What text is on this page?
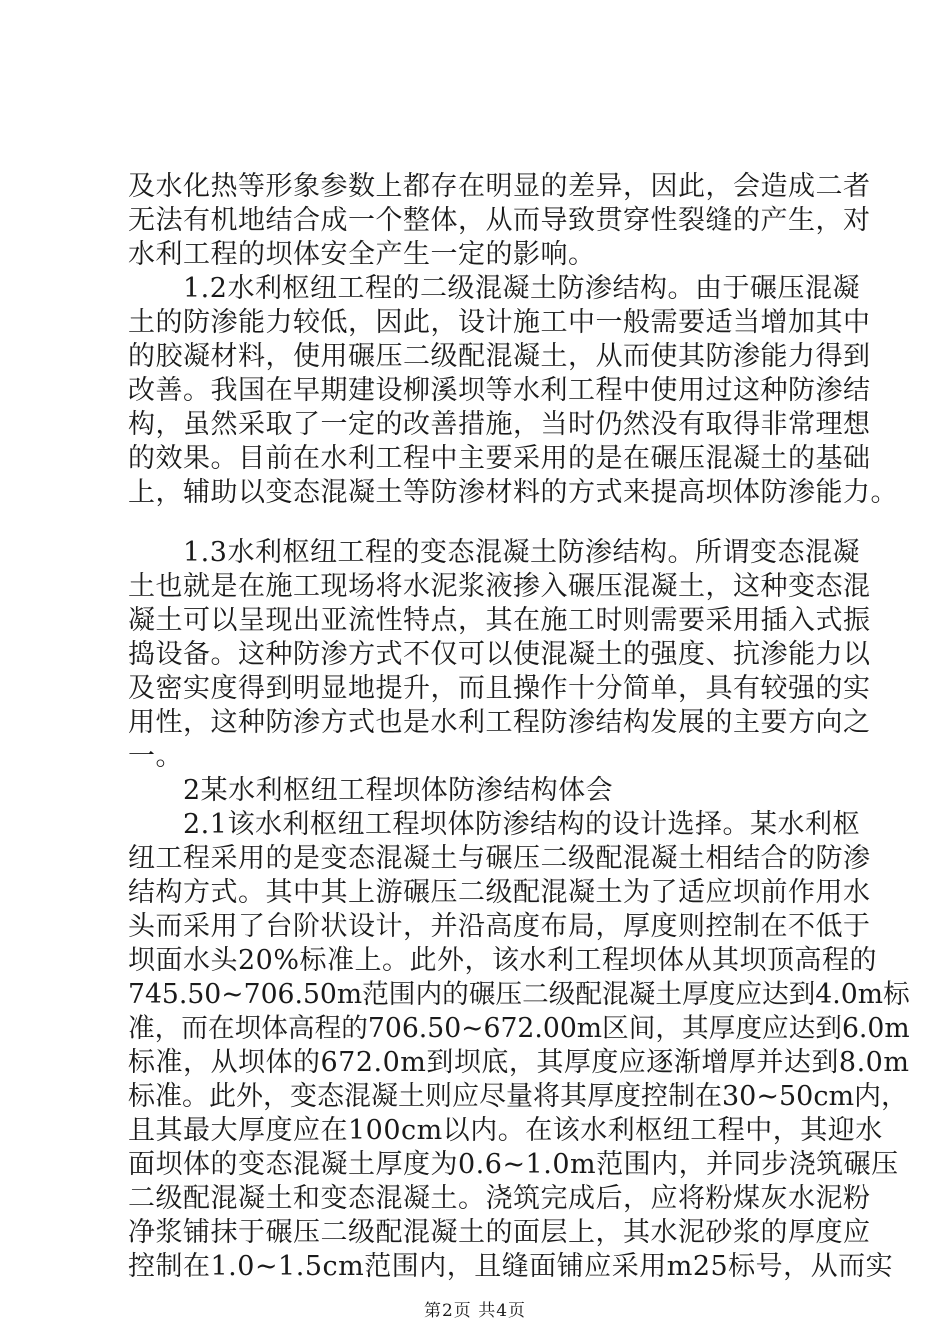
及水化热等形象参数上都存在明显的差异，因此，会造成二者
无法有机地结合成一个整体，从而导致贯穿性裂缝的产生，对
水利工程的坝体安全产生一定的影响。
　　1.2水利枢纽工程的二级混凝土防渗结构。由于碾压混凝
土的防渗能力较低，因此，设计施工中一般需要适当增加其中
的胶凝材料，使用碾压二级配混凝土，从而使其防渗能力得到
改善。我国在早期建设柳溪坝等水利工程中使用过这种防渗结
构，虽然采取了一定的改善措施，当时仍然没有取得非常理想
的效果。目前在水利工程中主要采用的是在碾压混凝土的基础
上，辅助以变态混凝土等防渗材料的方式来提高坝体防渗能力。
　　1.3水利枢纽工程的变态混凝土防渗结构。所谓变态混凝
土也就是在施工现场将水泥浆液掺入碾压混凝土，这种变态混
凝土可以呈现出亚流性特点，其在施工时则需要采用插入式振
捣设备。这种防渗方式不仅可以使混凝土的强度、抗渗能力以
及密实度得到明显地提升，而且操作十分简单，具有较强的实
用性，这种防渗方式也是水利工程防渗结构发展的主要方向之
一。
　　2某水利枢纽工程坝体防渗结构体会
　　2.1该水利枢纽工程坝体防渗结构的设计选择。某水利枢
纽工程采用的是变态混凝土与碾压二级配混凝土相结合的防渗
结构方式。其中其上游碾压二级配混凝土为了适应坝前作用水
头而采用了台阶状设计，并沿高度布局，厚度则控制在不低于
坝面水头20%标准上。此外，该水利工程坝体从其坝顶高程的
745.50~706.50m范围内的碾压二级配混凝土厚度应达到4.0m标
准，而在坝体高程的706.50~672.00m区间，其厚度应达到6.0m
标准，从坝体的672.0m到坝底，其厚度应逐渐增厚并达到8.0m
标准。此外，变态混凝土则应尽量将其厚度控制在30~50cm内，
且其最大厚度应在100cm以内。在该水利枢纽工程中，其迎水
面坝体的变态混凝土厚度为0.6~1.0m范围内，并同步浇筑碾压
二级配混凝土和变态混凝土。浇筑完成后，应将粉煤灰水泥粉
净浆铺抹于碾压二级配混凝土的面层上，其水泥砂浆的厚度应
控制在1.0~1.5cm范围内，且缝面铺应采用m25标号，从而实
第2页 共4页
